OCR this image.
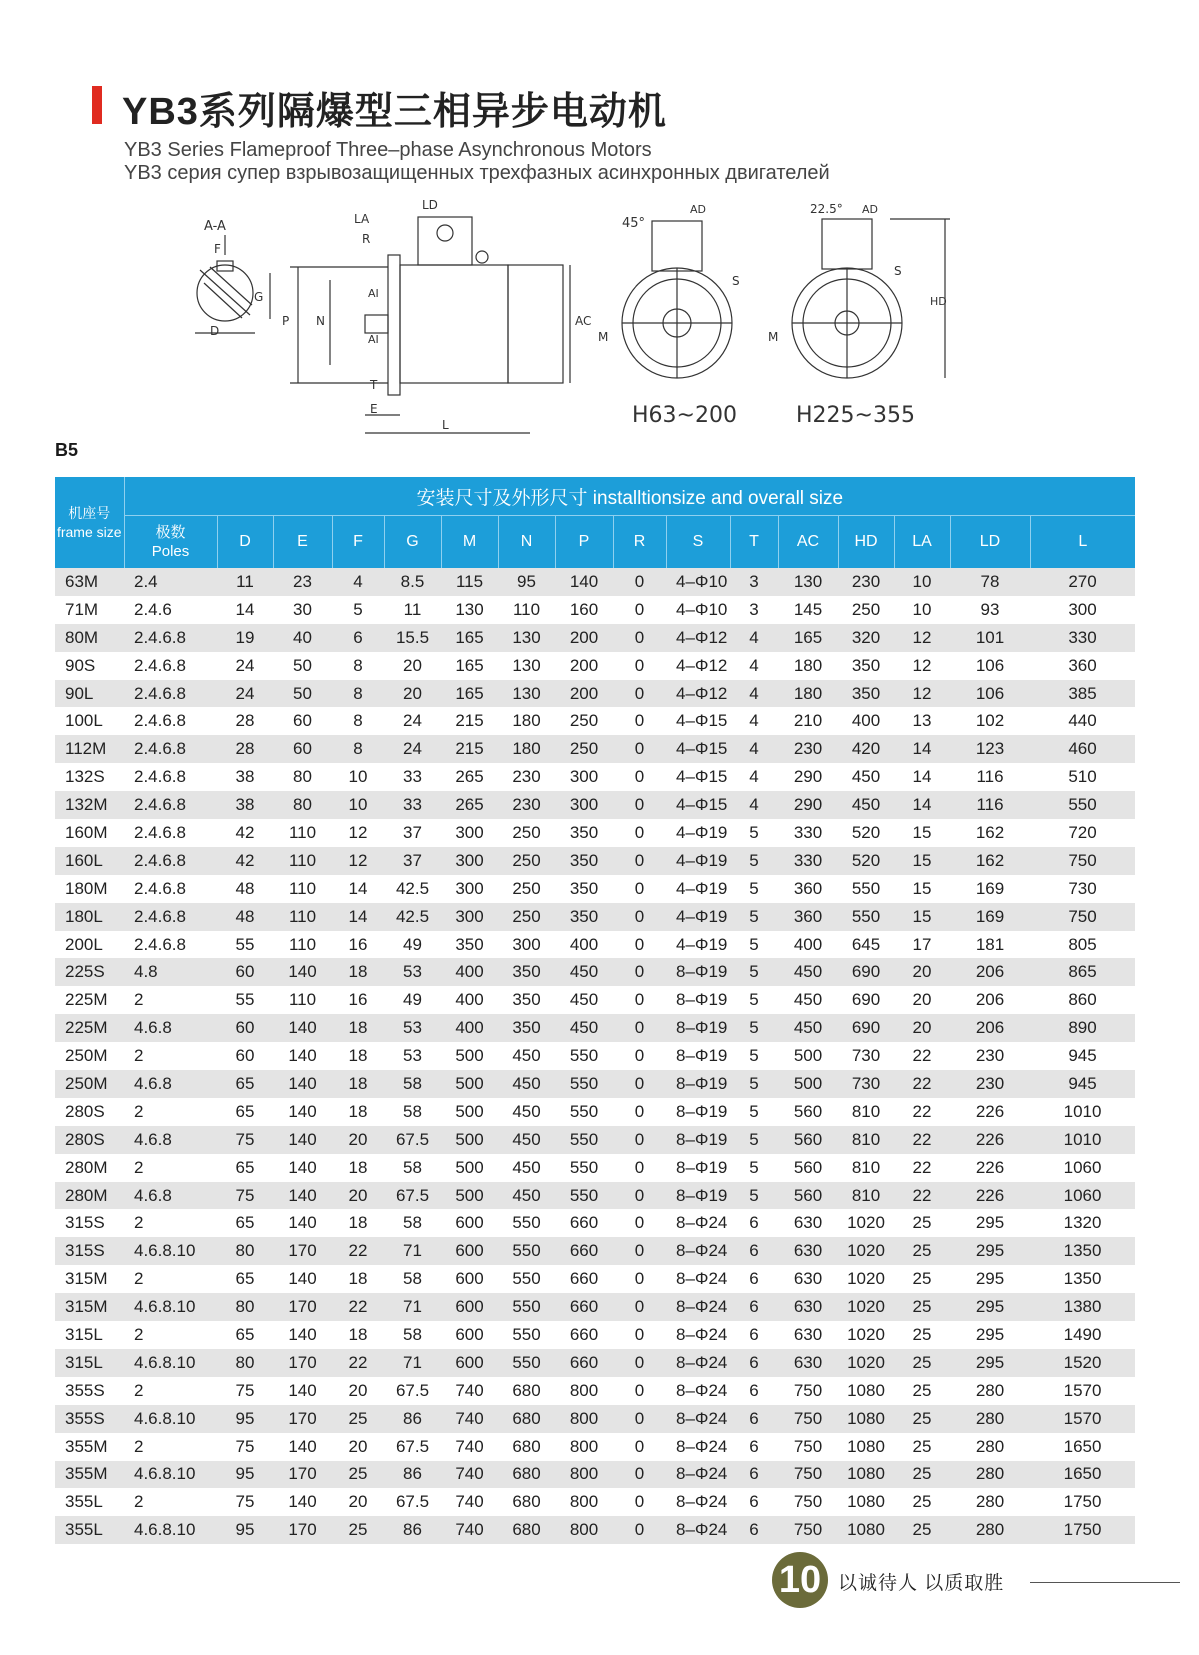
YB3系列隔爆型三相异步电动机
YB3 Series Flameproof Three–phase Asynchronous Motors
YB3 серия супер взрывозащищенных трехфазных асинхронных двигателей
A-A
F
G
D
LD
LA
R
P N
AI
AI
AC
T
E
L
45°
AD
S
M
H63~200
22.5° AD
S
M
HD
H225~355
B5
机座号
frame size	安装尺寸及外形尺寸 installtionsize and overall size															

	极数
Poles	D	E	F	G	M	N	P	R	S	T	AC	HD	LA	LD	L
63M	2.4	11	23	4	8.5	115	95	140	0	4–Φ10	3	130	230	10	78	270
71M	2.4.6	14	30	5	11	130	110	160	0	4–Φ10	3	145	250	10	93	300
80M	2.4.6.8	19	40	6	15.5	165	130	200	0	4–Φ12	4	165	320	12	101	330
90S	2.4.6.8	24	50	8	20	165	130	200	0	4–Φ12	4	180	350	12	106	360
90L	2.4.6.8	24	50	8	20	165	130	200	0	4–Φ12	4	180	350	12	106	385
100L	2.4.6.8	28	60	8	24	215	180	250	0	4–Φ15	4	210	400	13	102	440
112M	2.4.6.8	28	60	8	24	215	180	250	0	4–Φ15	4	230	420	14	123	460
132S	2.4.6.8	38	80	10	33	265	230	300	0	4–Φ15	4	290	450	14	116	510
132M	2.4.6.8	38	80	10	33	265	230	300	0	4–Φ15	4	290	450	14	116	550
160M	2.4.6.8	42	110	12	37	300	250	350	0	4–Φ19	5	330	520	15	162	720
160L	2.4.6.8	42	110	12	37	300	250	350	0	4–Φ19	5	330	520	15	162	750
180M	2.4.6.8	48	110	14	42.5	300	250	350	0	4–Φ19	5	360	550	15	169	730
180L	2.4.6.8	48	110	14	42.5	300	250	350	0	4–Φ19	5	360	550	15	169	750
200L	2.4.6.8	55	110	16	49	350	300	400	0	4–Φ19	5	400	645	17	181	805
225S	4.8	60	140	18	53	400	350	450	0	8–Φ19	5	450	690	20	206	865
225M	2	55	110	16	49	400	350	450	0	8–Φ19	5	450	690	20	206	860
225M	4.6.8	60	140	18	53	400	350	450	0	8–Φ19	5	450	690	20	206	890
250M	2	60	140	18	53	500	450	550	0	8–Φ19	5	500	730	22	230	945
250M	4.6.8	65	140	18	58	500	450	550	0	8–Φ19	5	500	730	22	230	945
280S	2	65	140	18	58	500	450	550	0	8–Φ19	5	560	810	22	226	1010
280S	4.6.8	75	140	20	67.5	500	450	550	0	8–Φ19	5	560	810	22	226	1010
280M	2	65	140	18	58	500	450	550	0	8–Φ19	5	560	810	22	226	1060
280M	4.6.8	75	140	20	67.5	500	450	550	0	8–Φ19	5	560	810	22	226	1060
315S	2	65	140	18	58	600	550	660	0	8–Φ24	6	630	1020	25	295	1320
315S	4.6.8.10	80	170	22	71	600	550	660	0	8–Φ24	6	630	1020	25	295	1350
315M	2	65	140	18	58	600	550	660	0	8–Φ24	6	630	1020	25	295	1350
315M	4.6.8.10	80	170	22	71	600	550	660	0	8–Φ24	6	630	1020	25	295	1380
315L	2	65	140	18	58	600	550	660	0	8–Φ24	6	630	1020	25	295	1490
315L	4.6.8.10	80	170	22	71	600	550	660	0	8–Φ24	6	630	1020	25	295	1520
355S	2	75	140	20	67.5	740	680	800	0	8–Φ24	6	750	1080	25	280	1570
355S	4.6.8.10	95	170	25	86	740	680	800	0	8–Φ24	6	750	1080	25	280	1570
355M	2	75	140	20	67.5	740	680	800	0	8–Φ24	6	750	1080	25	280	1650
355M	4.6.8.10	95	170	25	86	740	680	800	0	8–Φ24	6	750	1080	25	280	1650
355L	2	75	140	20	67.5	740	680	800	0	8–Φ24	6	750	1080	25	280	1750
355L	4.6.8.10	95	170	25	86	740	680	800	0	8–Φ24	6	750	1080	25	280	1750
10 以诚待人 以质取胜
